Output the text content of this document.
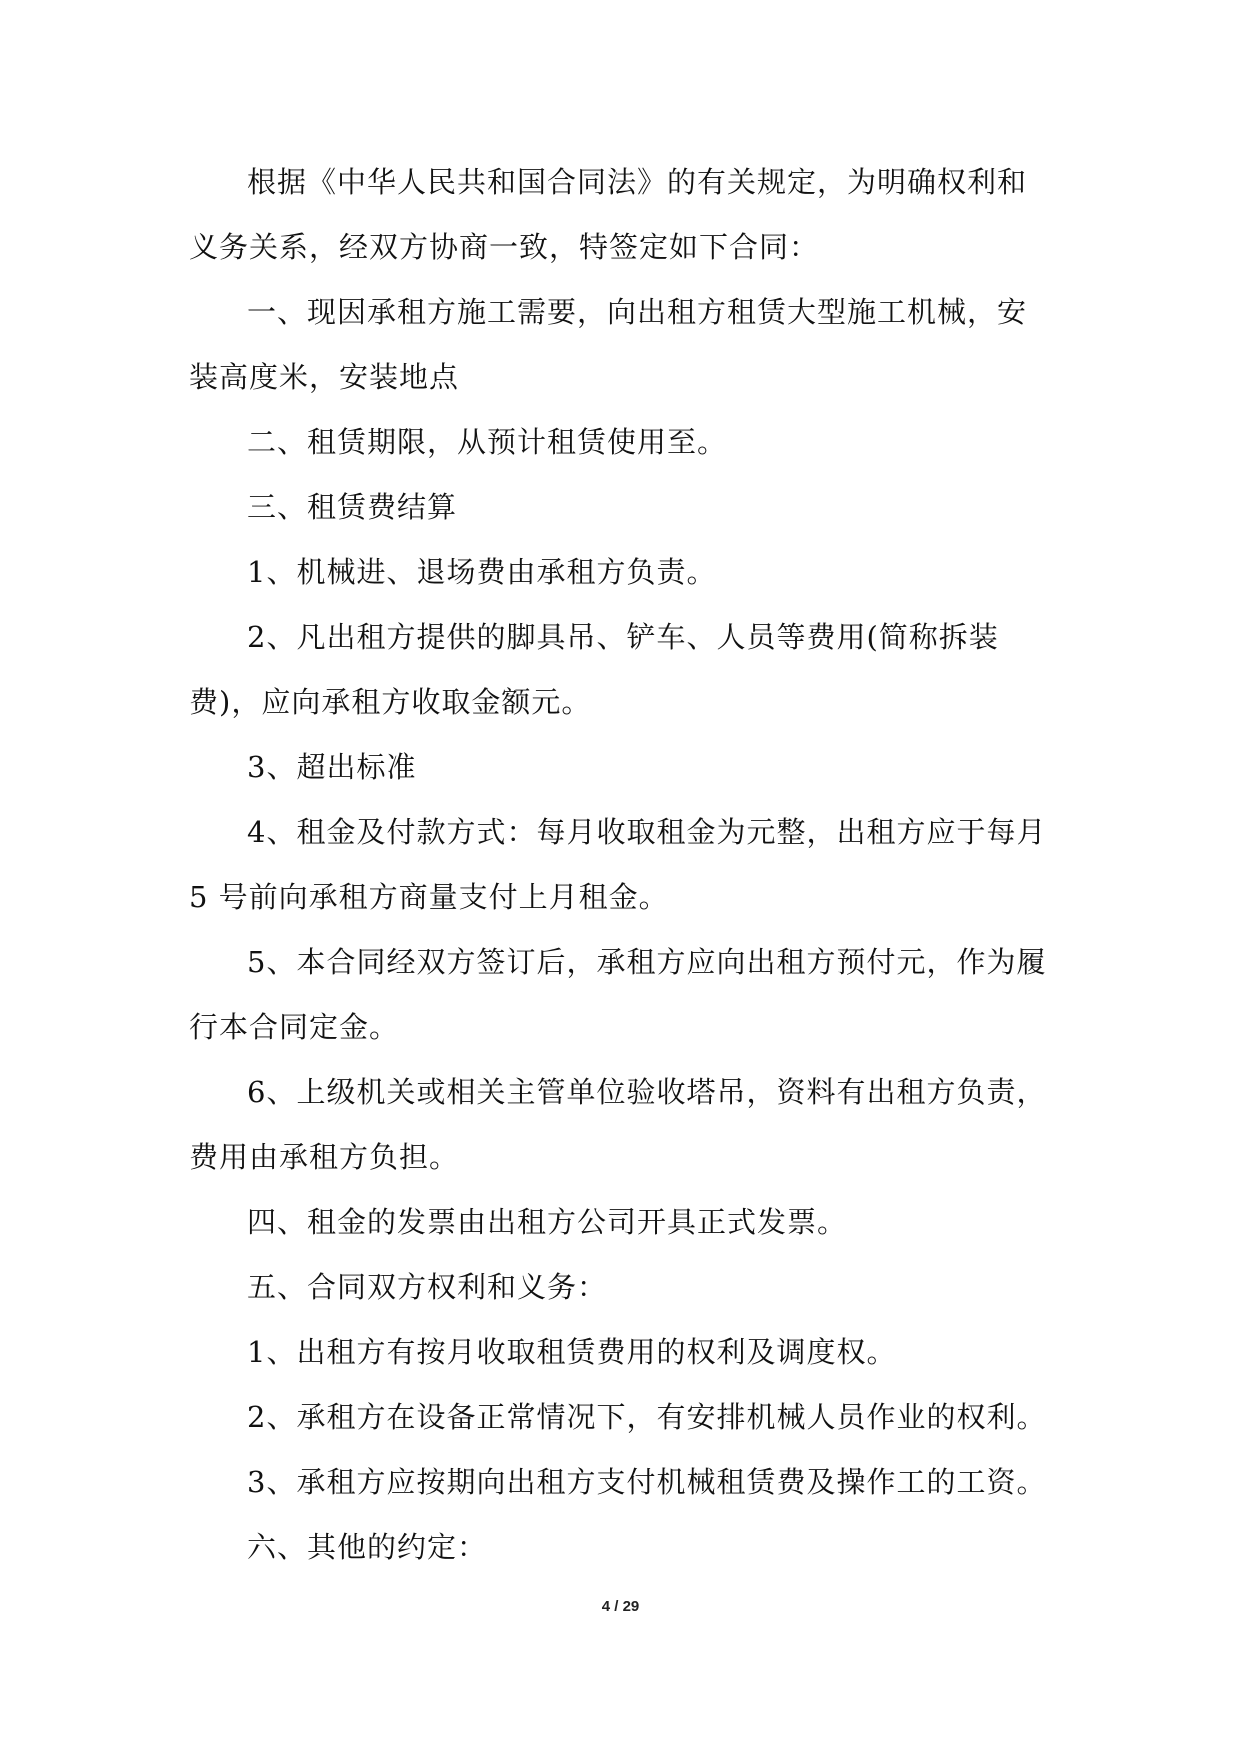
根据《中华人民共和国合同法》的有关规定，为明确权利和义务关系，经双方协商一致，特签定如下合同：

一、现因承租方施工需要，向出租方租赁大型施工机械，安装高度米，安装地点

二、租赁期限，从预计租赁使用至。

三、租赁费结算

1、机械进、退场费由承租方负责。

2、凡出租方提供的脚具吊、铲车、人员等费用(简称拆装费)，应向承租方收取金额元。

3、超出标准

4、租金及付款方式：每月收取租金为元整，出租方应于每月 5 号前向承租方商量支付上月租金。

5、本合同经双方签订后，承租方应向出租方预付元，作为履行本合同定金。

6、上级机关或相关主管单位验收塔吊，资料有出租方负责，费用由承租方负担。

四、租金的发票由出租方公司开具正式发票。

五、合同双方权利和义务：

1、出租方有按月收取租赁费用的权利及调度权。

2、承租方在设备正常情况下，有安排机械人员作业的权利。

3、承租方应按期向出租方支付机械租赁费及操作工的工资。

六、其他的约定：

4 / 29
